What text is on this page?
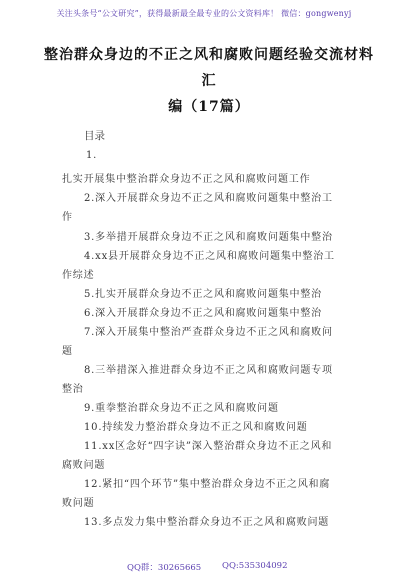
关注头条号“公文研究”，获得最新最全最专业的公文资料库！ 微信：gongwenyj
整治群众身边的不正之风和腐败问题经验交流材料汇
编（17篇）
目录
1.
扎实开展集中整治群众身边不正之风和腐败问题工作
2.深入开展群众身边不正之风和腐败问题集中整治工
作
3.多举措开展群众身边不正之风和腐败问题集中整治
4.xx县开展群众身边不正之风和腐败问题集中整治工
作综述
5.扎实开展群众身边不正之风和腐败问题集中整治
6.深入开展群众身边不正之风和腐败问题集中整治
7.深入开展集中整治严查群众身边不正之风和腐败问
题
8.三举措深入推进群众身边不正之风和腐败问题专项
整治
9.重拳整治群众身边不正之风和腐败问题
10.持续发力整治群众身边不正之风和腐败问题
11.xx区念好“四字诀”深入整治群众身边不正之风和
腐败问题
12.紧扣“四个环节”集中整治群众身边不正之风和腐
败问题
13.多点发力集中整治群众身边不正之风和腐败问题
QQ群：30265665 QQ:535304092
